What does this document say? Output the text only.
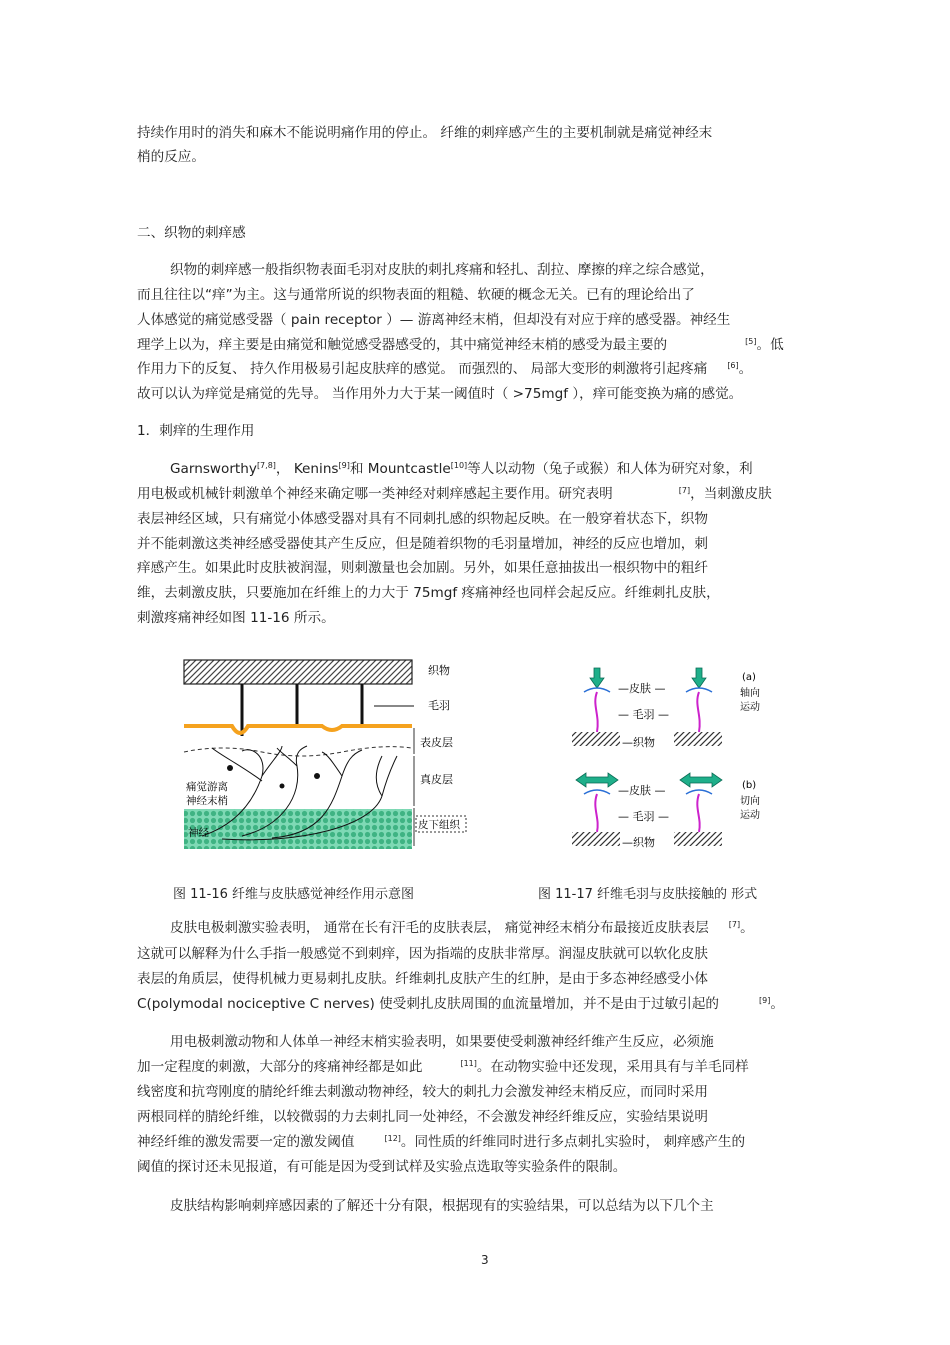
持续作用时的消失和麻木不能说明痛作用的停止。 纤维的刺痒感产生的主要机制就是痛觉神经末
梢的反应。
二、织物的刺痒感
织物的刺痒感一般指织物表面毛羽对皮肤的刺扎疼痛和轻扎、刮拉、摩擦的痒之综合感觉，
而且往往以“痒”为主。这与通常所说的织物表面的粗糙、软硬的概念无关。已有的理论给出了
人体感觉的痛觉感受器（ pain receptor ）— 游离神经末梢，但却没有对应于痒的感受器。神经生
理学上以为，痒主要是由痛觉和触觉感受器感受的，其中痛觉神经末梢的感受为最主要的	[5]。低
作用力下的反复、 持久作用极易引起皮肤痒的感觉。 而强烈的、 局部大变形的刺激将引起疼痛	[6]。
故可以认为痒觉是痛觉的先导。 当作用外力大于某一阈值时（ >75mgf ），痒可能变换为痛的感觉。
1．刺痒的生理作用
Garnsworthy[7,8]， Kenins[9]和 Mountcastle[10]等人以动物（兔子或猴）和人体为研究对象，利
用电极或机械针刺激单个神经来确定哪一类神经对刺痒感起主要作用。研究表明	[7]，当刺激皮肤
表层神经区域，只有痛觉小体感受器对具有不同刺扎感的织物起反映。在一般穿着状态下，织物
并不能刺激这类神经感受器使其产生反应，但是随着织物的毛羽量增加，神经的反应也增加，刺
痒感产生。如果此时皮肤被润湿，则刺激量也会加剧。另外，如果任意抽拔出一根织物中的粗纤
维，去刺激皮肤，只要施加在纤维上的力大于 75mgf 疼痛神经也同样会起反应。纤维刺扎皮肤，
刺激疼痛神经如图 11-16 所示。
织物
毛羽
表皮层
真皮层
皮下组织
痛觉游离
神经末梢
神经
—皮肤 —
— 毛羽 —
—织物
(a)
轴向
运动
—皮肤 —
— 毛羽 —
—织物
(b)
切向
运动
图 11-16 纤维与皮肤感觉神经作用示意图	图 11-17 纤维毛羽与皮肤接触的 形式
皮肤电极刺激实验表明， 通常在长有汗毛的皮肤表层， 痛觉神经末梢分布最接近皮肤表层	[7]。
这就可以解释为什么手指一般感觉不到刺痒，因为指端的皮肤非常厚。润湿皮肤就可以软化皮肤
表层的角质层，使得机械力更易刺扎皮肤。纤维刺扎皮肤产生的红肿，是由于多态神经感受小体
C(polymodal nociceptive C nerves) 使受刺扎皮肤周围的血流量增加，并不是由于过敏引起的	[9]。
用电极刺激动物和人体单一神经末梢实验表明，如果要使受刺激神经纤维产生反应，必须施
加一定程度的刺激，大部分的疼痛神经都是如此	[11]。在动物实验中还发现，采用具有与羊毛同样
线密度和抗弯刚度的腈纶纤维去刺激动物神经，较大的刺扎力会激发神经末梢反应，而同时采用
两根同样的腈纶纤维，以较微弱的力去刺扎同一处神经，不会激发神经纤维反应，实验结果说明
神经纤维的激发需要一定的激发阈值	[12]。同性质的纤维同时进行多点刺扎实验时， 刺痒感产生的
阈值的探讨还未见报道，有可能是因为受到试样及实验点选取等实验条件的限制。
皮肤结构影响刺痒感因素的了解还十分有限，根据现有的实验结果，可以总结为以下几个主
3
